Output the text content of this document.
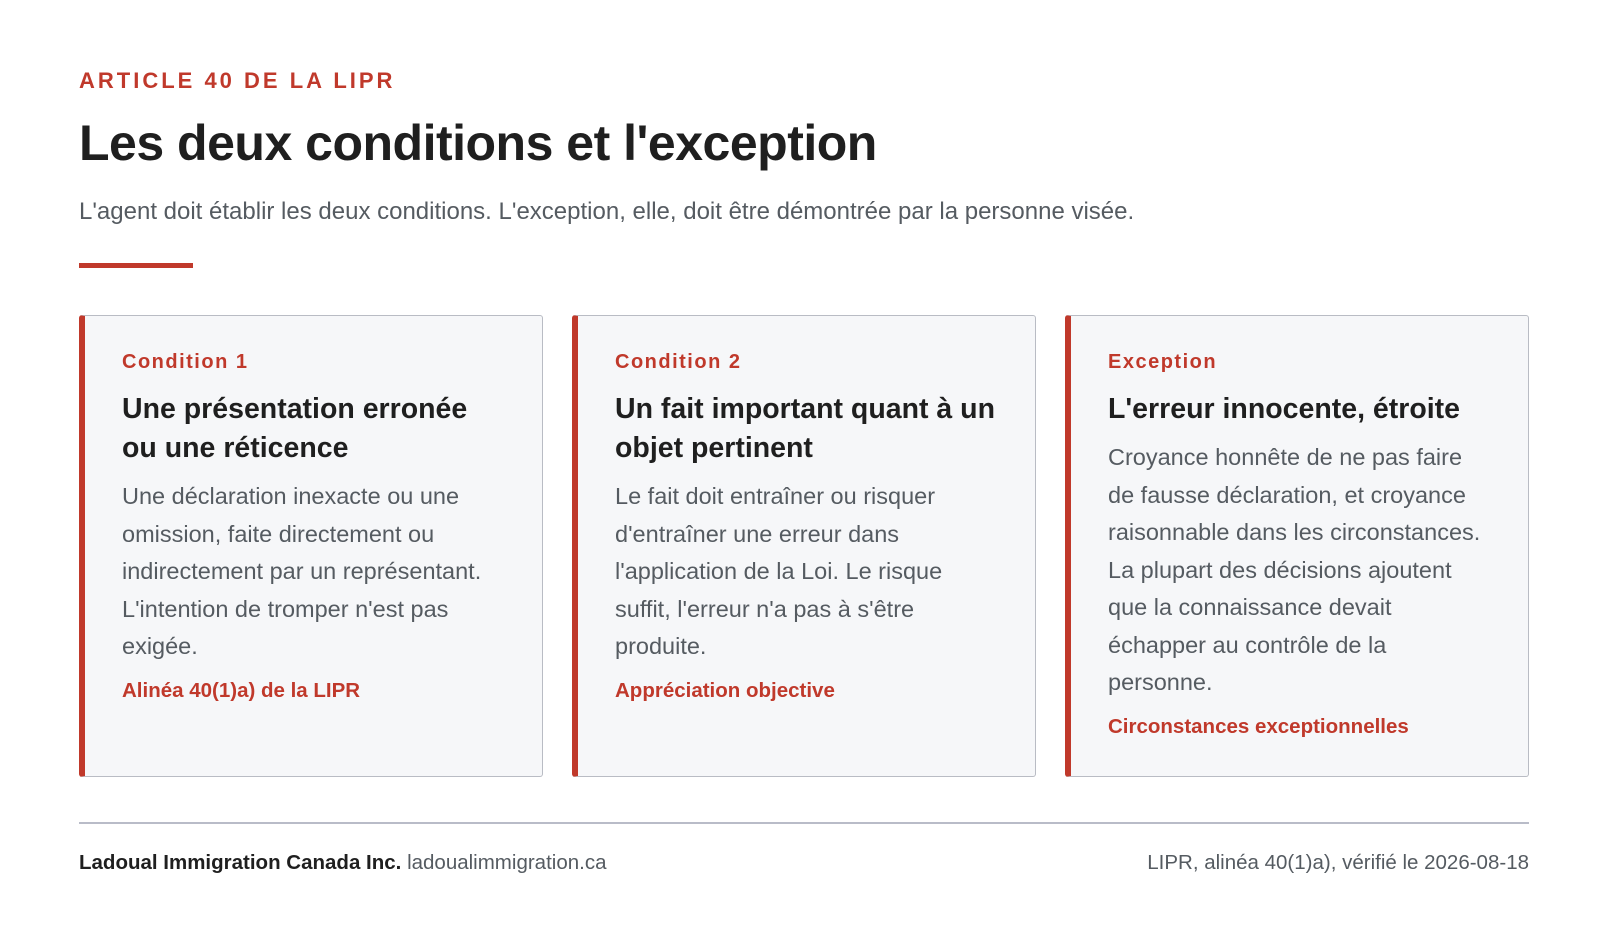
ARTICLE 40 DE LA LIPR
Les deux conditions et l'exception

L'agent doit établir les deux conditions. L'exception, elle, doit être démontrée par la personne visée.

Condition 1
Une présentation erronée ou une réticence
Une déclaration inexacte ou une omission, faite directement ou indirectement par un représentant. L'intention de tromper n'est pas exigée.
Alinéa 40(1)a) de la LIPR
Condition 2
Un fait important quant à un objet pertinent
Le fait doit entraîner ou risquer d'entraîner une erreur dans l'application de la Loi. Le risque suffit, l'erreur n'a pas à s'être produite.
Appréciation objective
Exception
L'erreur innocente, étroite
Croyance honnête de ne pas faire de fausse déclaration, et croyance raisonnable dans les circonstances. La plupart des décisions ajoutent que la connaissance devait échapper au contrôle de la personne.
Circonstances exceptionnelles
Ladoual Immigration Canada Inc. ladoualimmigration.ca	LIPR, alinéa 40(1)a), vérifié le 2026-08-18
